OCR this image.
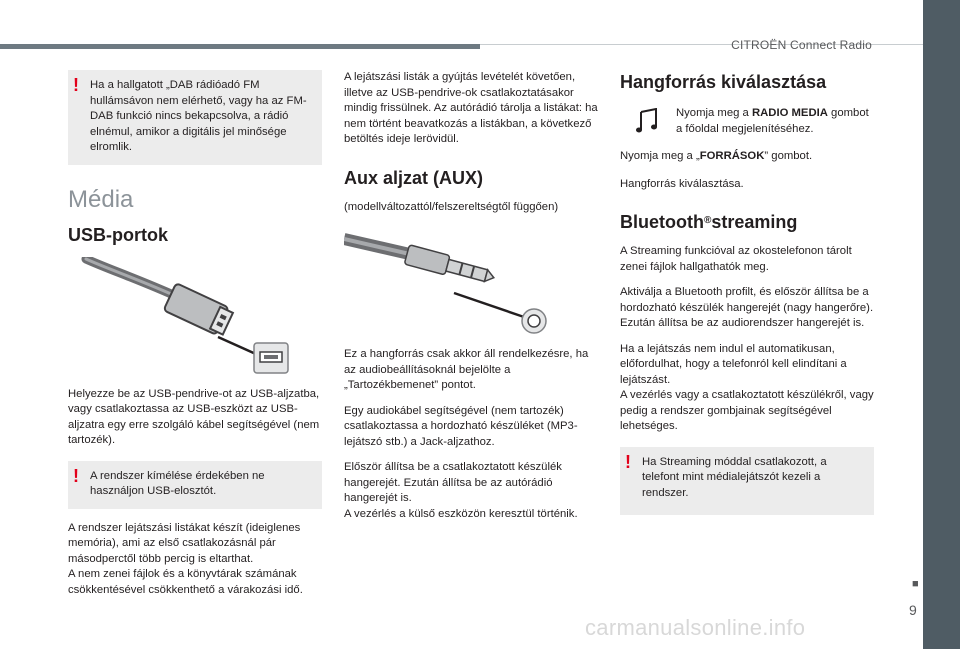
CITROËN Connect Radio
■
9
carmanualsonline.info
! Ha a hallgatott „DAB rádióadó FM hullámsávon nem elérhető, vagy ha az FM-DAB funkció nincs bekapcsolva, a rádió elnémul, amikor a digitális jel minősége elromlik.

Média
USB-portok

Helyezze be az USB-pendrive-ot az USB-aljzatba, vagy csatlakoztassa az USB-eszközt az USB-aljzatra egy erre szolgáló kábel segítségével (nem tartozék).

! A rendszer kímélése érdekében ne használjon USB-elosztót.

A rendszer lejátszási listákat készít (ideiglenes memória), ami az első csatlakozásnál pár másodperctől több percig is eltarthat.

A nem zenei fájlok és a könyvtárak számának csökkentésével csökkenthető a várakozási idő.

A lejátszási listák a gyújtás levételét követően, illetve az USB-pendrive-ok csatlakoztatásakor mindig frissülnek. Az autórádió tárolja a listákat: ha nem történt beavatkozás a listákban, a következő betöltés ideje lerövidül.

Aux aljzat (AUX)

(modellváltozattól/felszereltségtől függően)

Ez a hangforrás csak akkor áll rendelkezésre, ha az audiobeállításoknál bejelölte a „Tartozékbemenet” pontot.

Egy audiokábel segítségével (nem tartozék) csatlakoztassa a hordozható készüléket (MP3-lejátszó stb.) a Jack-aljzathoz.

Először állítsa be a csatlakoztatott készülék hangerejét. Ezután állítsa be az autórádió hangerejét is.

A vezérlés a külső eszközön keresztül történik.

Hangforrás kiválasztása

Nyomja meg a RADIO MEDIA gombot a főoldal megjelenítéséhez.

Nyomja meg a „FORRÁSOK” gombot.

Hangforrás kiválasztása.

Bluetooth®streaming

A Streaming funkcióval az okostelefonon tárolt zenei fájlok hallgathatók meg.

Aktiválja a Bluetooth profilt, és először állítsa be a hordozható készülék hangerejét (nagy hangerőre).

Ezután állítsa be az audiorendszer hangerejét is.

Ha a lejátszás nem indul el automatikusan, előfordulhat, hogy a telefonról kell elindítani a lejátszást.

A vezérlés vagy a csatlakoztatott készülékről, vagy pedig a rendszer gombjainak segítségével lehetséges.

! Ha Streaming móddal csatlakozott, a telefont mint médialejátszót kezeli a rendszer.
